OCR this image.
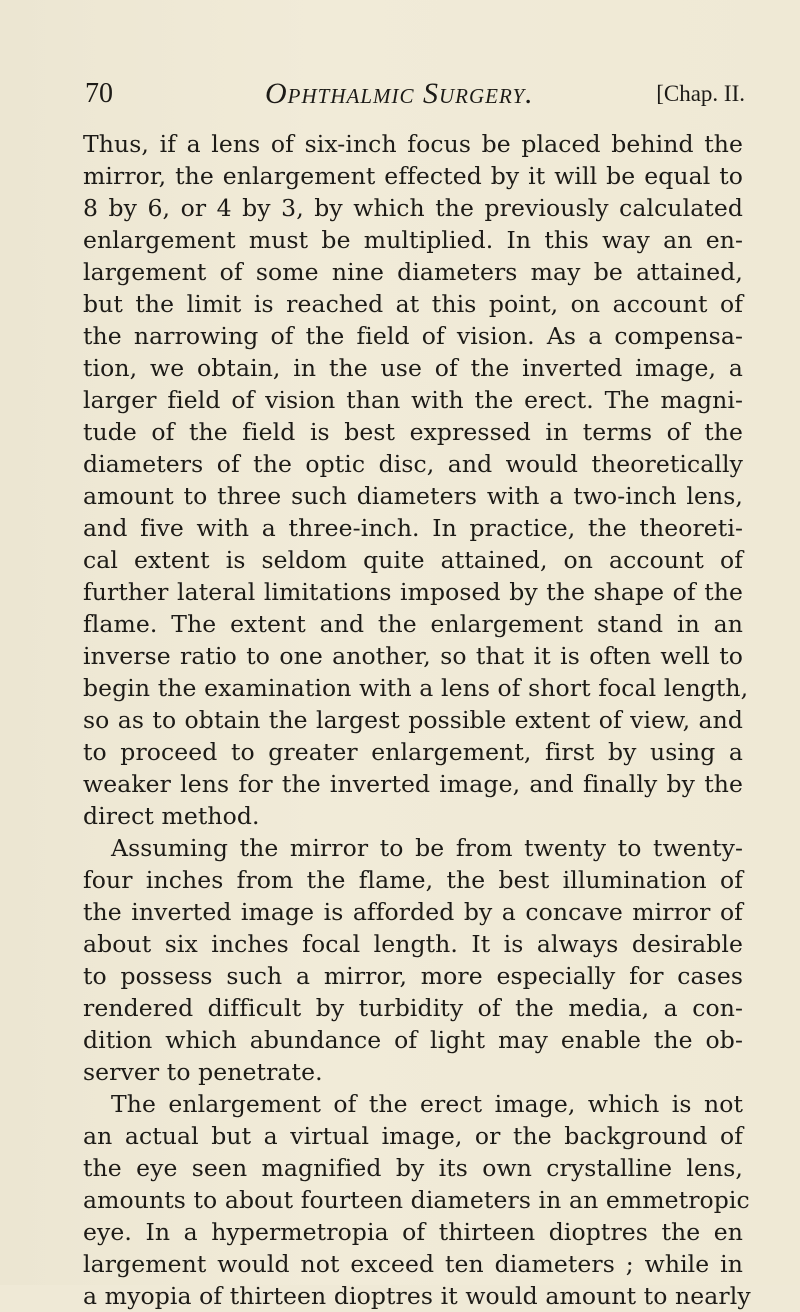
70	Ophthalmic Surgery.	[Chap. II.
Thus, if a lens of six-inch focus be placed behind the
mirror, the enlargement effected by it will be equal to
8 by 6, or 4 by 3, by which the previously calculated
enlargement must be multiplied. In this way an en-
largement of some nine diameters may be attained,
but the limit is reached at this point, on account of
the narrowing of the field of vision. As a compensa-
tion, we obtain, in the use of the inverted image, a
larger field of vision than with the erect. The magni-
tude of the field is best expressed in terms of the
diameters of the optic disc, and would theoretically
amount to three such diameters with a two-inch lens,
and five with a three-inch. In practice, the theoreti-
cal extent is seldom quite attained, on account of
further lateral limitations imposed by the shape of the
flame. The extent and the enlargement stand in an
inverse ratio to one another, so that it is often well to
begin the examination with a lens of short focal length,
so as to obtain the largest possible extent of view, and
to proceed to greater enlargement, first by using a
weaker lens for the inverted image, and finally by the
direct method.
Assuming the mirror to be from twenty to twenty-
four inches from the flame, the best illumination of
the inverted image is afforded by a concave mirror of
about six inches focal length. It is always desirable
to possess such a mirror, more especially for cases
rendered difficult by turbidity of the media, a con-
dition which abundance of light may enable the ob-
server to penetrate.
The enlargement of the erect image, which is not
an actual but a virtual image, or the background of
the eye seen magnified by its own crystalline lens,
amounts to about fourteen diameters in an emmetropic
eye. In a hypermetropia of thirteen dioptres the en
largement would not exceed ten diameters ; while in
a myopia of thirteen dioptres it would amount to nearly
